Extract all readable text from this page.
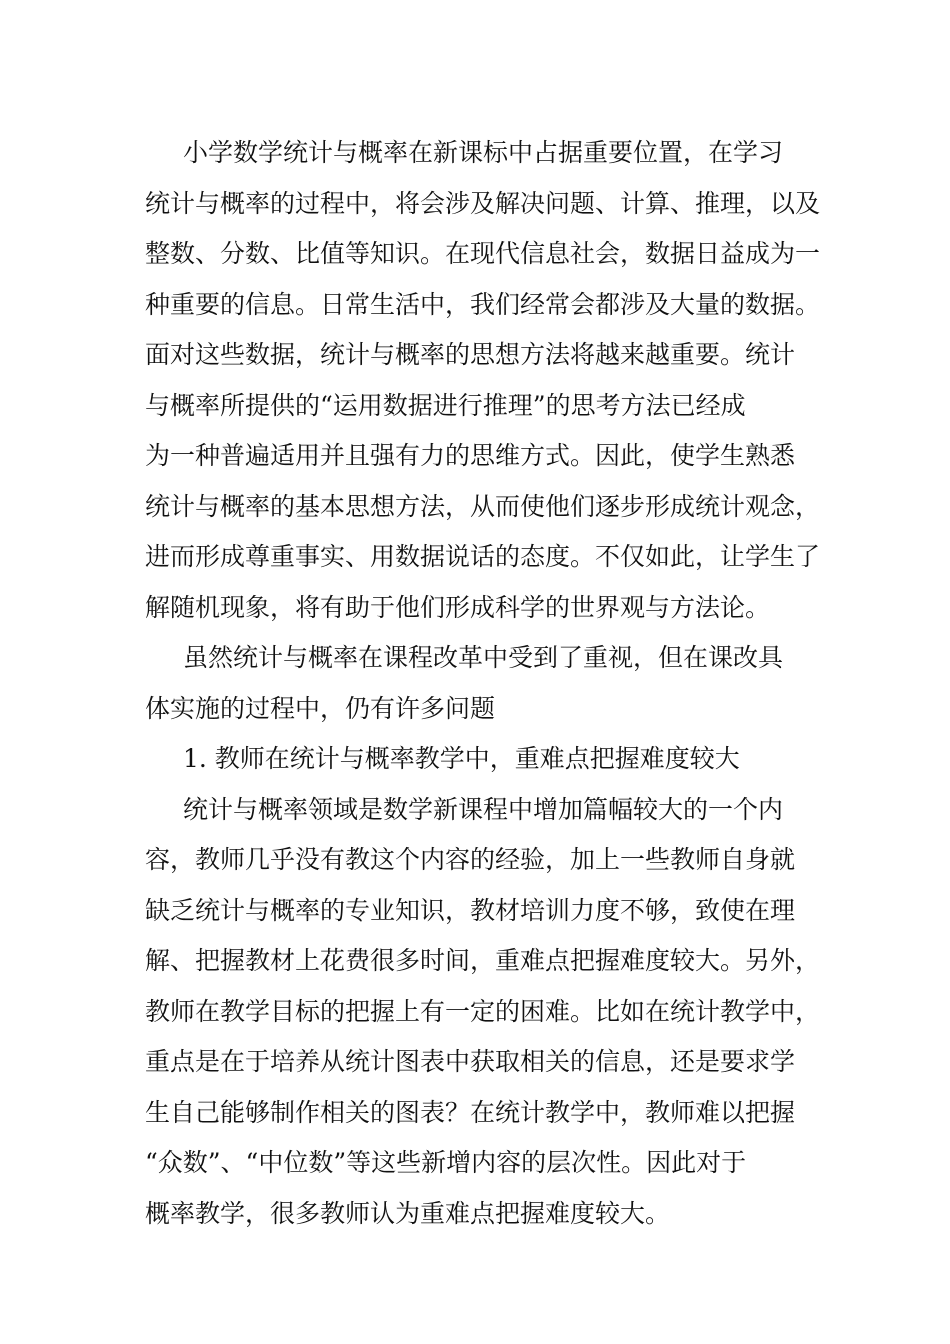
小学数学统计与概率在新课标中占据重要位置，在学习
统计与概率的过程中，将会涉及解决问题、计算、推理，以及
整数、分数、比值等知识。在现代信息社会，数据日益成为一
种重要的信息。日常生活中，我们经常会都涉及大量的数据。
面对这些数据，统计与概率的思想方法将越来越重要。统计
与概率所提供的“运用数据进行推理”的思考方法已经成
为一种普遍适用并且强有力的思维方式。因此，使学生熟悉
统计与概率的基本思想方法，从而使他们逐步形成统计观念，
进而形成尊重事实、用数据说话的态度。不仅如此，让学生了
解随机现象，将有助于他们形成科学的世界观与方法论。
虽然统计与概率在课程改革中受到了重视，但在课改具
体实施的过程中，仍有许多问题
1. 教师在统计与概率教学中，重难点把握难度较大
统计与概率领域是数学新课程中增加篇幅较大的一个内
容，教师几乎没有教这个内容的经验，加上一些教师自身就
缺乏统计与概率的专业知识，教材培训力度不够，致使在理
解、把握教材上花费很多时间，重难点把握难度较大。另外，
教师在教学目标的把握上有一定的困难。比如在统计教学中，
重点是在于培养从统计图表中获取相关的信息，还是要求学
生自己能够制作相关的图表？在统计教学中，教师难以把握
“众数”、“中位数”等这些新增内容的层次性。因此对于
概率教学，很多教师认为重难点把握难度较大。
